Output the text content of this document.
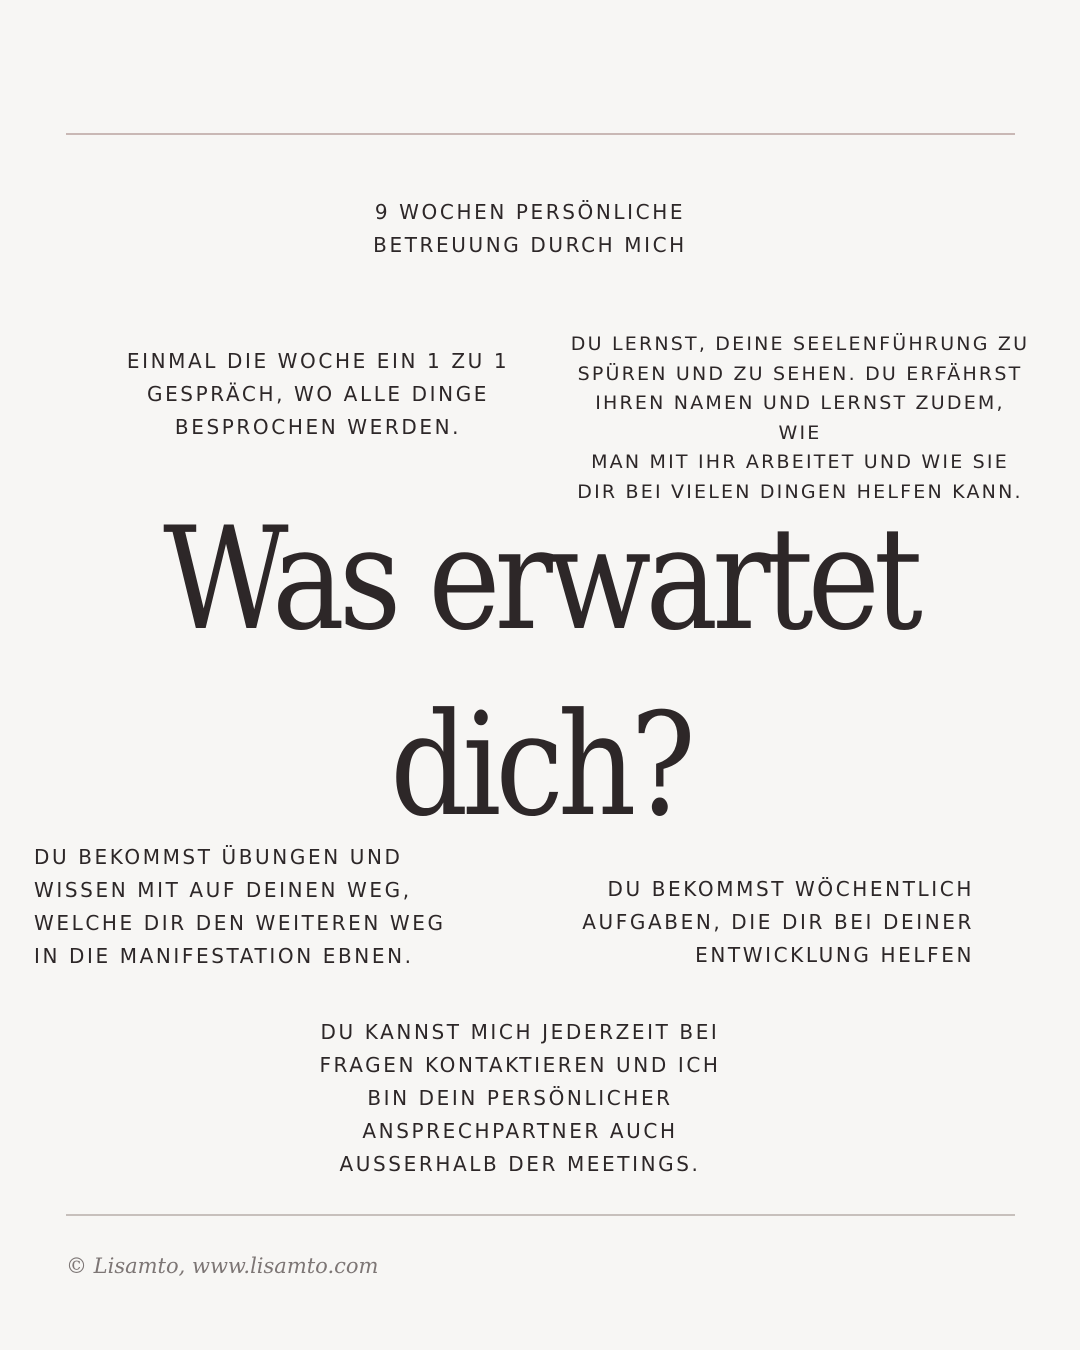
9 WOCHEN PERSÖNLICHE
BETREUUNG DURCH MICH
EINMAL DIE WOCHE EIN 1 ZU 1
GESPRÄCH, WO ALLE DINGE
BESPROCHEN WERDEN.
DU LERNST, DEINE SEELENFÜHRUNG ZU
SPÜREN UND ZU SEHEN. DU ERFÄHRST
IHREN NAMEN UND LERNST ZUDEM, WIE
MAN MIT IHR ARBEITET UND WIE SIE
DIR BEI VIELEN DINGEN HELFEN KANN.
Was erwartet
dich?
DU BEKOMMST ÜBUNGEN UND
WISSEN MIT AUF DEINEN WEG,
WELCHE DIR DEN WEITEREN WEG
IN DIE MANIFESTATION EBNEN.
DU BEKOMMST WÖCHENTLICH
AUFGABEN, DIE DIR BEI DEINER
ENTWICKLUNG HELFEN
DU KANNST MICH JEDERZEIT BEI
FRAGEN KONTAKTIEREN UND ICH
BIN DEIN PERSÖNLICHER
ANSPRECHPARTNER AUCH
AUSSERHALB DER MEETINGS.
© Lisamto, www.lisamto.com
